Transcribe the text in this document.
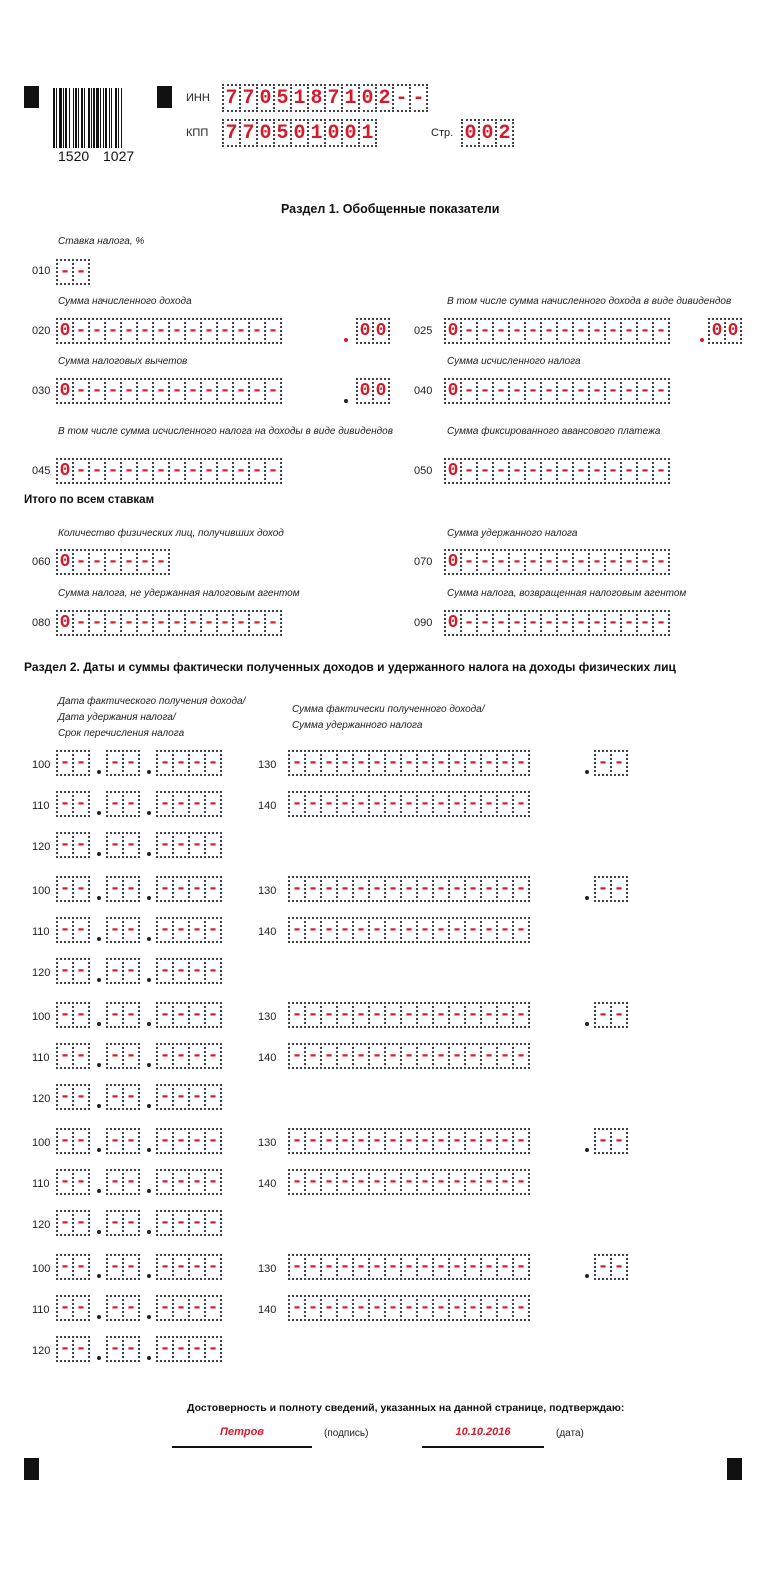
1520 1027
ИНН 7 7 0 5 1 8 7 1 0 2 - -
КПП 7 7 0 5 0 1 0 0 1	Стр. 0 0 2
Раздел 1. Обобщенные показатели
Ставка налога, %
010 - -
Сумма начисленного дохода
020 0 - - - - - - - - - - - - -	0 0
В том числе сумма начисленного дохода в виде дивидендов
025 0 - - - - - - - - - - - - -	0 0
Сумма налоговых вычетов
030 0 - - - - - - - - - - - - -	0 0
Сумма исчисленного налога
040 0 - - - - - - - - - - - - -
В том числе сумма исчисленного налога на доходы в виде дивидендов
045 0 - - - - - - - - - - - - -
Сумма фиксированного авансового платежа
050 0 - - - - - - - - - - - - -
Итого по всем ставкам
Количество физических лиц, получивших доход
060 0 - - - - - -
Сумма удержанного налога
070 0 - - - - - - - - - - - - -
Сумма налога, не удержанная налоговым агентом
080 0 - - - - - - - - - - - - -
Сумма налога, возвращенная налоговым агентом
090 0 - - - - - - - - - - - - -
Раздел 2. Даты и суммы фактически полученных доходов и удержанного налога на доходы физических лиц
Дата фактического получения дохода/
Дата удержания налога/
Срок перечисления налога
Сумма фактически полученного дохода/
Сумма удержанного налога
100 - - - - - - - -	130 - - - - - - - - - - - - - - -	- -
110 - - - - - - - -	140 - - - - - - - - - - - - - - -
120 - - - - - - - -
100 - - - - - - - -	130 - - - - - - - - - - - - - - -	- -
110 - - - - - - - -	140 - - - - - - - - - - - - - - -
120 - - - - - - - -
100 - - - - - - - -	130 - - - - - - - - - - - - - - -	- -
110 - - - - - - - -	140 - - - - - - - - - - - - - - -
120 - - - - - - - -
100 - - - - - - - -	130 - - - - - - - - - - - - - - -	- -
110 - - - - - - - -	140 - - - - - - - - - - - - - - -
120 - - - - - - - -
100 - - - - - - - -	130 - - - - - - - - - - - - - - -	- -
110 - - - - - - - -	140 - - - - - - - - - - - - - - -
120 - - - - - - - -
Достоверность и полноту сведений, указанных на данной странице, подтверждаю:
Петров	(подпись)	10.10.2016	(дата)
